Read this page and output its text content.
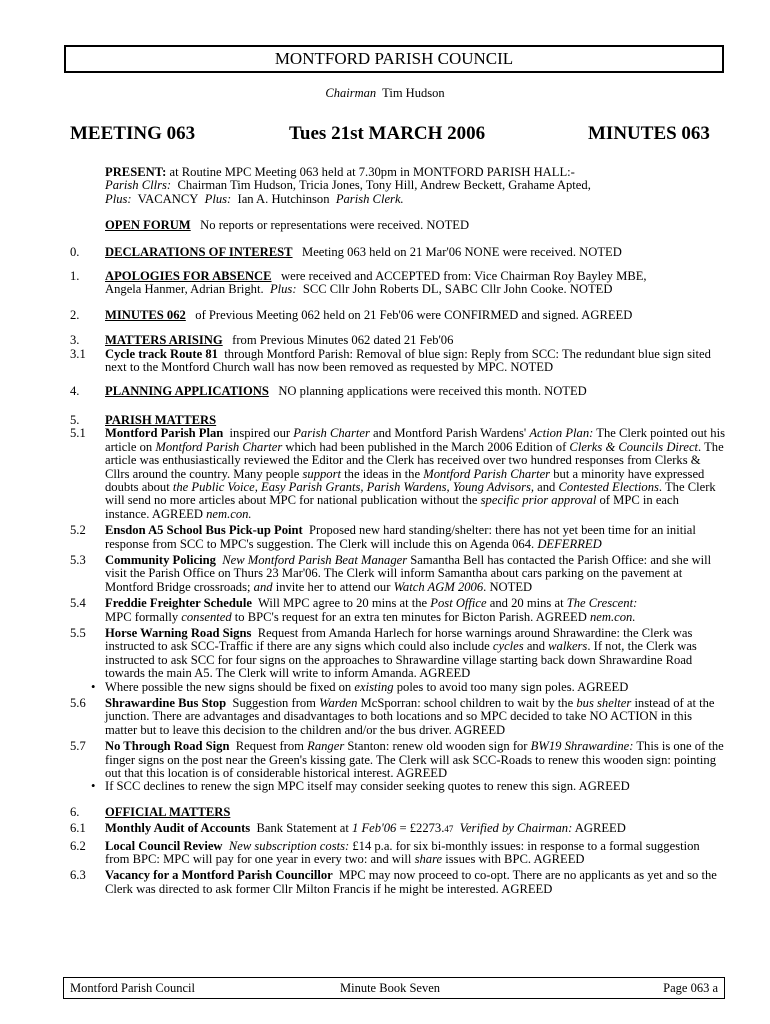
MONTFORD PARISH COUNCIL
Chairman Tim Hudson
MEETING 063	Tues 21st MARCH 2006	MINUTES 063
PRESENT: at Routine MPC Meeting 063 held at 7.30pm in MONTFORD PARISH HALL:-
Parish Cllrs: Chairman Tim Hudson, Tricia Jones, Tony Hill, Andrew Beckett, Grahame Apted,
Plus: VACANCY Plus: Ian A. Hutchinson Parish Clerk.
OPEN FORUM No reports or representations were received. NOTED
0.	DECLARATIONS OF INTEREST Meeting 063 held on 21 Mar'06 NONE were received. NOTED
1.	APOLOGIES FOR ABSENCE were received and ACCEPTED from: Vice Chairman Roy Bayley MBE,
Angela Hanmer, Adrian Bright. Plus: SCC Cllr John Roberts DL, SABC Cllr John Cooke. NOTED
2.	MINUTES 062 of Previous Meeting 062 held on 21 Feb'06 were CONFIRMED and signed. AGREED
3.	MATTERS ARISING from Previous Minutes 062 dated 21 Feb'06
3.1	Cycle track Route 81 through Montford Parish: Removal of blue sign: Reply from SCC: The redundant blue sign sited next to the Montford Church wall has now been removed as requested by MPC. NOTED
4.	PLANNING APPLICATIONS NO planning applications were received this month. NOTED
5.	PARISH MATTERS
5.1	Montford Parish Plan inspired our Parish Charter and Montford Parish Wardens' Action Plan: The Clerk pointed out his article on Montford Parish Charter which had been published in the March 2006 Edition of Clerks & Councils Direct. The article was enthusiastically reviewed the Editor and the Clerk has received over two hundred responses from Clerks & Cllrs around the country. Many people support the ideas in the Montford Parish Charter but a minority have expressed doubts about the Public Voice, Easy Parish Grants, Parish Wardens, Young Advisors, and Contested Elections. The Clerk will send no more articles about MPC for national publication without the specific prior approval of MPC in each instance. AGREED nem.con.
5.2	Ensdon A5 School Bus Pick-up Point Proposed new hard standing/shelter: there has not yet been time for an initial response from SCC to MPC's suggestion. The Clerk will include this on Agenda 064. DEFERRED
5.3	Community Policing New Montford Parish Beat Manager Samantha Bell has contacted the Parish Office: and she will visit the Parish Office on Thurs 23 Mar'06. The Clerk will inform Samantha about cars parking on the pavement at Montford Bridge crossroads; and invite her to attend our Watch AGM 2006. NOTED
5.4	Freddie Freighter Schedule Will MPC agree to 20 mins at the Post Office and 20 mins at The Crescent:
MPC formally consented to BPC's request for an extra ten minutes for Bicton Parish. AGREED nem.con.
5.5	Horse Warning Road Signs Request from Amanda Harlech for horse warnings around Shrawardine: the Clerk was instructed to ask SCC-Traffic if there are any signs which could also include cycles and walkers. If not, the Clerk was instructed to ask SCC for four signs on the approaches to Shrawardine village starting back down Shrawardine Road towards the main A5. The Clerk will write to inform Amanda. AGREED
• Where possible the new signs should be fixed on existing poles to avoid too many sign poles. AGREED
5.6	Shrawardine Bus Stop Suggestion from Warden McSporran: school children to wait by the bus shelter instead of at the junction. There are advantages and disadvantages to both locations and so MPC decided to take NO ACTION in this matter but to leave this decision to the children and/or the bus driver. AGREED
5.7	No Through Road Sign Request from Ranger Stanton: renew old wooden sign for BW19 Shrawardine: This is one of the finger signs on the post near the Green's kissing gate. The Clerk will ask SCC-Roads to renew this wooden sign: pointing out that this location is of considerable historical interest. AGREED
• If SCC declines to renew the sign MPC itself may consider seeking quotes to renew this sign. AGREED
6.	OFFICIAL MATTERS
6.1	Monthly Audit of Accounts Bank Statement at 1 Feb'06 = £2273.47 Verified by Chairman: AGREED
6.2	Local Council Review New subscription costs: £14 p.a. for six bi-monthly issues: in response to a formal suggestion from BPC: MPC will pay for one year in every two: and will share issues with BPC. AGREED
6.3	Vacancy for a Montford Parish Councillor MPC may now proceed to co-opt. There are no applicants as yet and so the Clerk was directed to ask former Cllr Milton Francis if he might be interested. AGREED
Montford Parish Council	Minute Book Seven	Page 063 a
